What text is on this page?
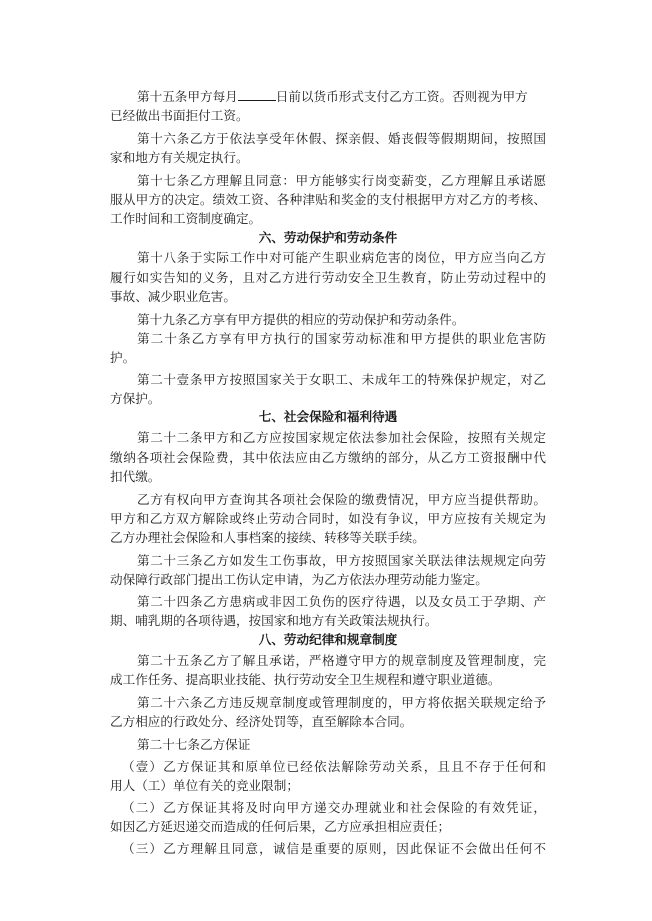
第十五条甲方每月	日前以货币形式支付乙方工资。否则视为甲方
已经做出书面拒付工资。
第十六条乙方于依法享受年休假、探亲假、婚丧假等假期期间，按照国
家和地方有关规定执行。
第十七条乙方理解且同意：甲方能够实行岗变薪变，乙方理解且承诺愿
服从甲方的决定。绩效工资、各种津贴和奖金的支付根据甲方对乙方的考核、
工作时间和工资制度确定。
六、劳动保护和劳动条件
第十八条于实际工作中对可能产生职业病危害的岗位，甲方应当向乙方
履行如实告知的义务，且对乙方进行劳动安全卫生教育，防止劳动过程中的
事故、减少职业危害。
第十九条乙方享有甲方提供的相应的劳动保护和劳动条件。
第二十条乙方享有甲方执行的国家劳动标准和甲方提供的职业危害防
护。
第二十壹条甲方按照国家关于女职工、未成年工的特殊保护规定，对乙
方保护。
七、社会保险和福利待遇
第二十二条甲方和乙方应按国家规定依法参加社会保险，按照有关规定
缴纳各项社会保险费，其中依法应由乙方缴纳的部分，从乙方工资报酬中代
扣代缴。
乙方有权向甲方查询其各项社会保险的缴费情况，甲方应当提供帮助。
甲方和乙方双方解除或终止劳动合同时，如没有争议，甲方应按有关规定为
乙方办理社会保险和人事档案的接续、转移等关联手续。
第二十三条乙方如发生工伤事故，甲方按照国家关联法律法规规定向劳
动保障行政部门提出工伤认定申请，为乙方依法办理劳动能力鉴定。
第二十四条乙方患病或非因工负伤的医疗待遇，以及女员工于孕期、产
期、哺乳期的各项待遇，按国家和地方有关政策法规执行。
八、劳动纪律和规章制度
第二十五条乙方了解且承诺，严格遵守甲方的规章制度及管理制度，完
成工作任务、提高职业技能、执行劳动安全卫生规程和遵守职业道德。
第二十六条乙方违反规章制度或管理制度的，甲方将依据关联规定给予
乙方相应的行政处分、经济处罚等，直至解除本合同。
第二十七条乙方保证
（壹）乙方保证其和原单位已经依法解除劳动关系，且且不存于任何和
用人（工）单位有关的竞业限制；
（二）乙方保证其将及时向甲方递交办理就业和社会保险的有效凭证，
如因乙方延迟递交而造成的任何后果，乙方应承担相应责任；
（三）乙方理解且同意，诚信是重要的原则，因此保证不会做出任何不
